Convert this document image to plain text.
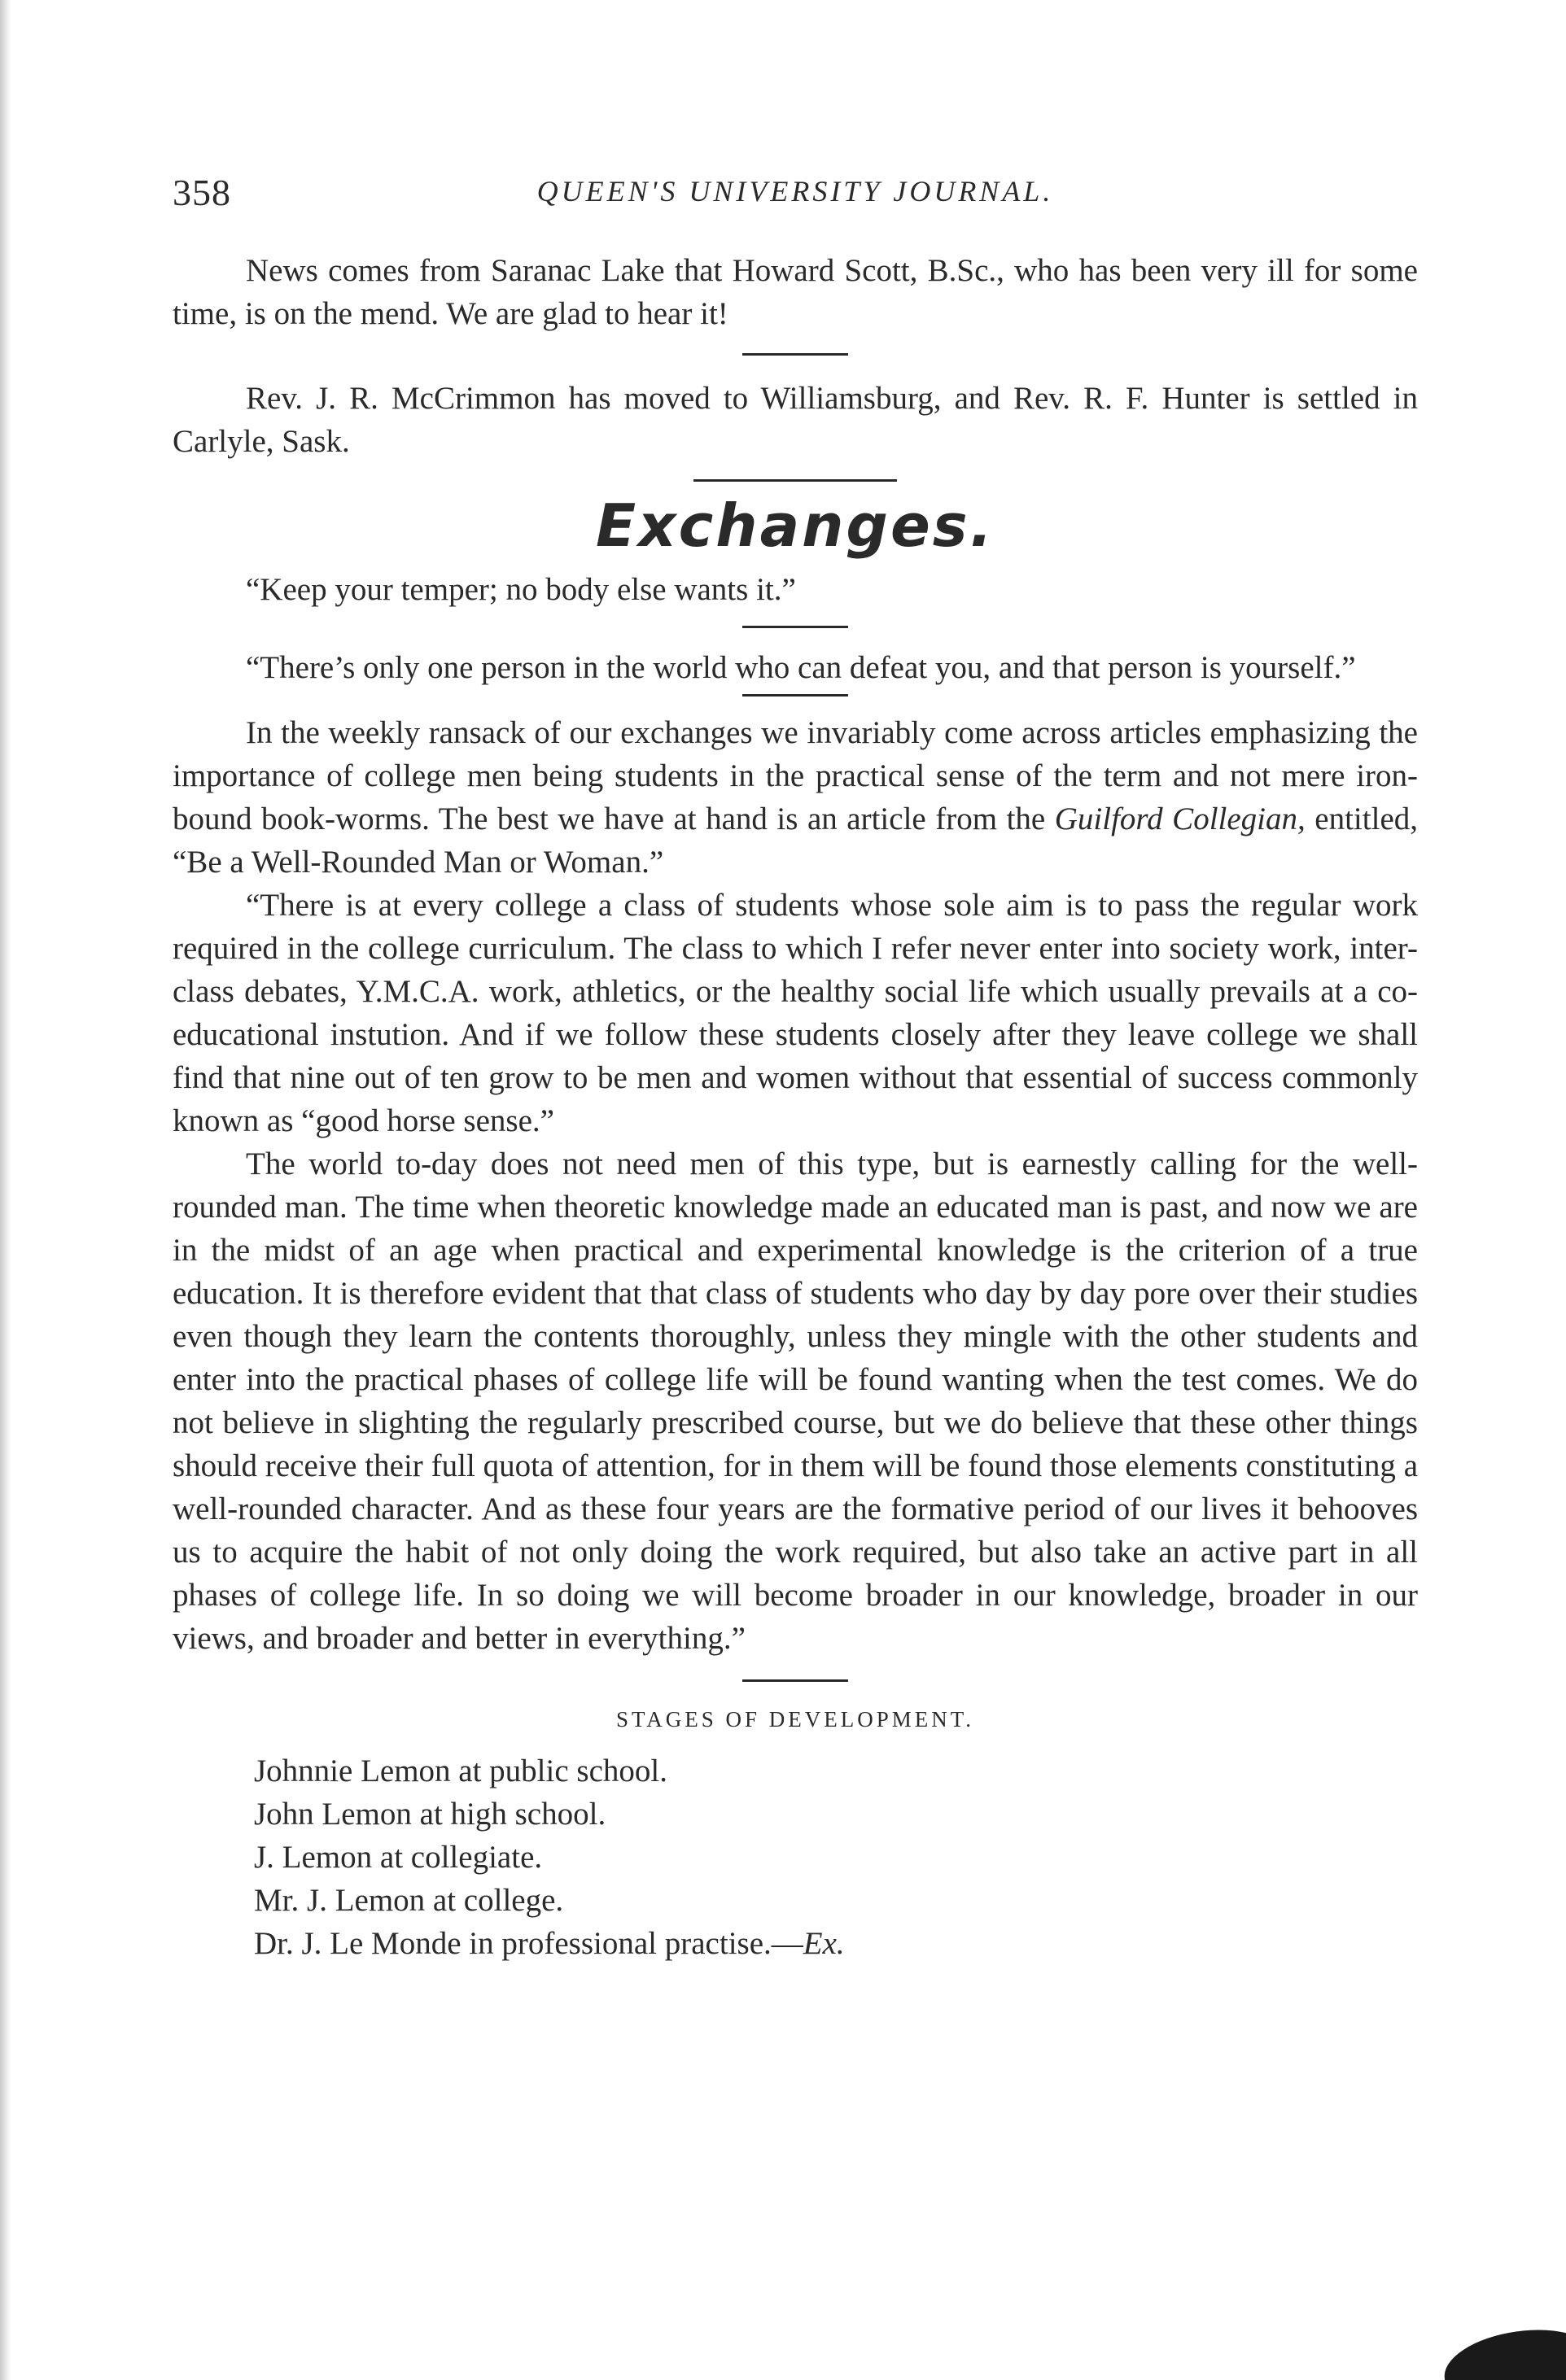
358	QUEEN'S UNIVERSITY JOURNAL.

News comes from Saranac Lake that Howard Scott, B.Sc., who has been very ill for some time, is on the mend. We are glad to hear it!

Rev. J. R. McCrimmon has moved to Williamsburg, and Rev. R. F. Hunter is settled in Carlyle, Sask.

Exchanges.

“Keep your temper; no body else wants it.”

“There’s only one person in the world who can defeat you, and that person is yourself.”

In the weekly ransack of our exchanges we invariably come across articles emphasizing the importance of college men being students in the practical sense of the term and not mere iron-bound book-worms. The best we have at hand is an article from the Guilford Collegian, entitled, “Be a Well-Rounded Man or Woman.”

“There is at every college a class of students whose sole aim is to pass the regular work required in the college curriculum. The class to which I refer never enter into society work, inter-class debates, Y.M.C.A. work, athletics, or the healthy social life which usually prevails at a co-educational instution. And if we follow these students closely after they leave college we shall find that nine out of ten grow to be men and women without that essential of success commonly known as “good horse sense.”

The world to-day does not need men of this type, but is earnestly calling for the well-rounded man. The time when theoretic knowledge made an educated man is past, and now we are in the midst of an age when practical and experimental knowledge is the criterion of a true education. It is therefore evident that that class of students who day by day pore over their studies even though they learn the contents thoroughly, unless they mingle with the other students and enter into the practical phases of college life will be found wanting when the test comes. We do not believe in slighting the regularly prescribed course, but we do believe that these other things should receive their full quota of attention, for in them will be found those elements constituting a well-rounded character. And as these four years are the formative period of our lives it behooves us to acquire the habit of not only doing the work required, but also take an active part in all phases of college life. In so doing we will become broader in our knowledge, broader in our views, and broader and better in everything.”

STAGES OF DEVELOPMENT.
Johnnie Lemon at public school.
John Lemon at high school.
J. Lemon at collegiate.
Mr. J. Lemon at college.
Dr. J. Le Monde in professional practise.—Ex.
